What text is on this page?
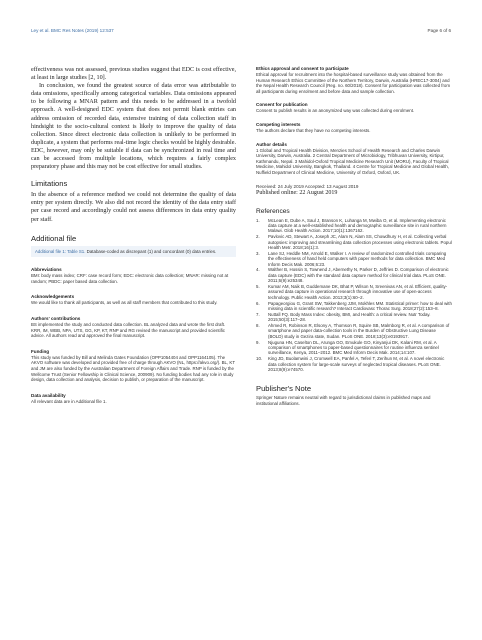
Ley et al. BMC Res Notes (2019) 12:537	Page 6 of 6

effectiveness was not assessed, previous studies suggest that EDC is cost effective, at least in large studies [2, 10].

In conclusion, we found the greatest source of data error was attributable to data omissions, specifically among categorical variables. Data omissions appeared to be following a MNAR pattern and this needs to be addressed in a twofold approach. A well-designed EDC system that does not permit blank entries can address omission of recorded data, extensive training of data collection staff in hindsight to the socio-cultural context is likely to improve the quality of data collection. Since direct electronic data collection is unlikely to be performed in duplicate, a system that performs real-time logic checks would be highly desirable. EDC, however, may only be suitable if data can be synchronized in real time and can be accessed from multiple locations, which requires a fairly complex preparatory phase and this may not be cost effective for small studies.

Limitations

In the absence of a reference method we could not determine the quality of data entry per system directly. We also did not record the identity of the data entry staff per case record and accordingly could not assess differences in data entry quality per staff.

Additional file
Additional file 1: Table S1. Database-coded as discrepant (1) and concordant (0) data entries.

Abbreviations

BMI: body mass index; CRF: case record form; EDC: electronic data collection; MNAR: missing not at random; PBDC: paper based data collection.

Acknowledgements

We would like to thank all participants, as well as all staff members that contributed to this study.

Authors' contributions

BS implemented the study and conducted data collection. BL analyzed data and wrote the first draft. KRR, IM, WBB, NPA, UTS, GG, KP, KT, RNP and RG revised the manuscript and provided scientific advice. All authors read and approved the final manuscript.

Funding

This study was funded by Bill and Melinda Gates Foundation (OPP1054404 and OPP1164105). The AKVO software was developed and provided free of charge through AKVO (NL, https://akvo.org/). BL, KT and JM are also funded by the Australian Department of Foreign Affairs and Trade. RNP is funded by the Wellcome Trust (Senior Fellowship in Clinical Science, 200909). No funding bodies had any role in study design, data collection and analysis, decision to publish, or preparation of the manuscript.

Data availability

All relevant data are in Additional file 1.

Ethics approval and consent to participate

Ethical approval for recruitment into the hospital-based surveillance study was obtained from the Human Research Ethics Committee of the Northern Territory, Darwin, Australia (HREC17-3004) and the Nepal Health Research Council (Reg. no. 60/2018). Consent for participation was collected from all participants during enrolment and before data and sample collection.

Consent for publication

Consent to publish results in an anonymized way was collected during enrolment.

Competing interests

The authors declare that they have no competing interests.

Author details

1 Global and Tropical Health Division, Menzies School of Health Research and Charles Darwin University, Darwin, Australia. 2 Central Department of Microbiology, Tribhuvan University, Kirtipur, Kathmandu, Nepal. 3 Mahidol-Oxford Tropical Medicine Research Unit (MORU), Faculty of Tropical Medicine, Mahidol University, Bangkok, Thailand. 4 Centre for Tropical Medicine and Global Health, Nuffield Department of Clinical Medicine, University of Oxford, Oxford, UK.

Received: 24 July 2019 Accepted: 13 August 2019
Published online: 22 August 2019
References
1.	McLean E, Dube A, Saul J, Branson K, Luhanga M, Mwiba O, et al. Implementing electronic data capture at a well-established health and demographic surveillance site in rural northern Malawi. Glob Health Action. 2017;10(1):1367162.
2.	Pavlovic AD, Stewart A, Joseph JC, Alam N, Alam SS, Chowdhury H, et al. Collecting verbal autopsies: improving and streamlining data collection processes using electronic tablets. Popul Health Metr. 2018;16(1):3.
3.	Lane SJ, Heddle NM, Arnold E, Walker I. A review of randomized controlled trials comparing the effectiveness of hand held computers with paper methods for data collection. BMC Med Inform Decis Mak. 2006;6:23.
4.	Walther B, Hossin S, Townend J, Abernethy N, Parker D, Jeffries D. Comparison of electronic data capture (EDC) with the standard data capture method for clinical trial data. PLoS ONE. 2011;6(9):e25348.
5.	Kumar AM, Naik B, Guddemane DK, Bhat P, Wilson N, Sreenivas AN, et al. Efficient, quality-assured data capture in operational research through innovative use of open-access technology. Public Health Action. 2013;3(1):60–2.
6.	Papageorgiou G, Grant SW, Takkenberg JJM, Mokhles MM. Statistical primer: how to deal with missing data in scientific research? Interact Cardiovasc Thorac Surg. 2018;27(2):153–8.
7.	Nuttall FQ. Body Mass Index: obesity, BMI, and Health: a critical review. Nutr Today. 2015;50(3):117–28.
8.	Ahmed R, Robinson R, Elsony A, Thomson R, Squire SB, Malmborg R, et al. A comparison of smartphone and paper data-collection tools in the Burden of Obstructive Lung Disease (BOLD) study in Gezira state, Sudan. PLoS ONE. 2018;13(3):e0193917.
9.	Njuguna HN, Caselton DL, Arunga GO, Emukule GO, Kinyanjui DK, Kalani RM, et al. A comparison of smartphones to paper-based questionnaires for routine influenza sentinel surveillance, Kenya, 2011–2012. BMC Med Inform Decis Mak. 2014;14:107.
10.	King JD, Buolamwini J, Cromwell EA, Panfel A, Teferi T, Zerihun M, et al. A novel electronic data collection system for large-scale surveys of neglected tropical diseases. PLoS ONE. 2013;8(9):e74570.
Publisher's Note

Springer Nature remains neutral with regard to jurisdictional claims in published maps and institutional affiliations.
